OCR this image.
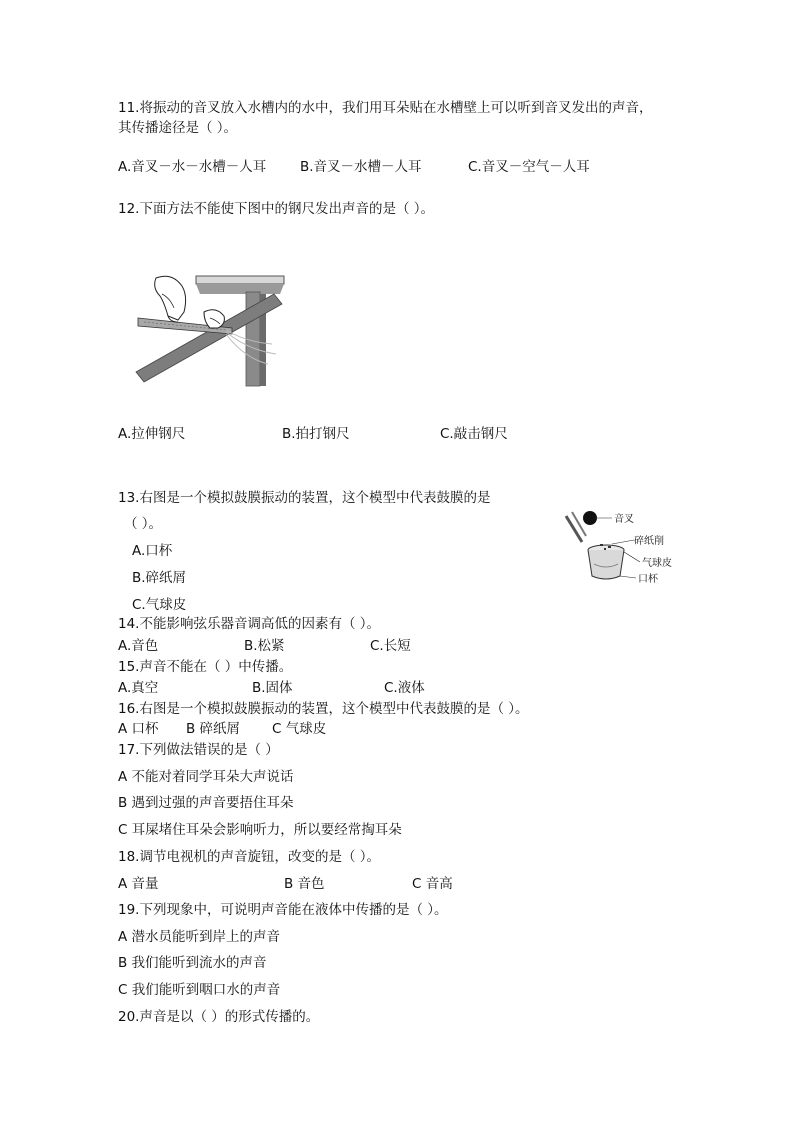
11.将振动的音叉放入水槽内的水中，我们用耳朵贴在水槽壁上可以听到音叉发出的声音，
其传播途径是（ ）。
A.音叉－水－水槽－人耳 B.音叉－水槽－人耳	C.音叉－空气－人耳
12.下面方法不能使下图中的钢尺发出声音的是（ ）。
A.拉伸钢尺	B.拍打钢尺	C.敲击钢尺
13.右图是一个模拟鼓膜振动的装置，这个模型中代表鼓膜的是
（ ）。
A.口杯
B.碎纸屑
C.气球皮
音叉
碎纸削
气球皮
口杯
14.不能影响弦乐器音调高低的因素有（ ）。
A.音色	B.松紧	C.长短
15.声音不能在（ ）中传播。
A.真空	B.固体	C.液体
16.右图是一个模拟鼓膜振动的装置，这个模型中代表鼓膜的是（ ）。
A 口杯 B 碎纸屑 C 气球皮
17.下列做法错误的是（ ）
A 不能对着同学耳朵大声说话
B 遇到过强的声音要捂住耳朵
C 耳屎堵住耳朵会影响听力，所以要经常掏耳朵
18.调节电视机的声音旋钮，改变的是（ ）。
A 音量	B 音色	C 音高
19.下列现象中，可说明声音能在液体中传播的是（ ）。
A 潜水员能听到岸上的声音
B 我们能听到流水的声音
C 我们能听到咽口水的声音
20.声音是以（ ）的形式传播的。
